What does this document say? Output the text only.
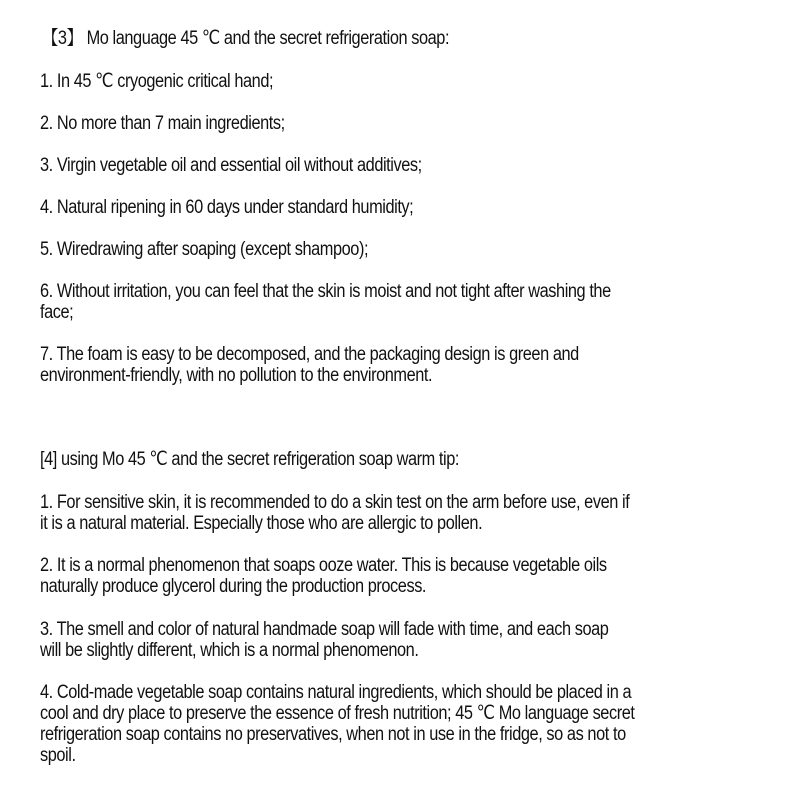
【3】 Mo language 45 ℃ and the secret refrigeration soap:
1. In 45 ℃ cryogenic critical hand;
2. No more than 7 main ingredients;
3. Virgin vegetable oil and essential oil without additives;
4. Natural ripening in 60 days under standard humidity;
5. Wiredrawing after soaping (except shampoo);
6. Without irritation, you can feel that the skin is moist and not tight after washing the
face;
7. The foam is easy to be decomposed, and the packaging design is green and
environment-friendly, with no pollution to the environment.
[4] using Mo 45 ℃ and the secret refrigeration soap warm tip:
1. For sensitive skin, it is recommended to do a skin test on the arm before use, even if
it is a natural material. Especially those who are allergic to pollen.
2. It is a normal phenomenon that soaps ooze water. This is because vegetable oils
naturally produce glycerol during the production process.
3. The smell and color of natural handmade soap will fade with time, and each soap
will be slightly different, which is a normal phenomenon.
4. Cold-made vegetable soap contains natural ingredients, which should be placed in a
cool and dry place to preserve the essence of fresh nutrition; 45 ℃ Mo language secret
refrigeration soap contains no preservatives, when not in use in the fridge, so as not to
spoil.
